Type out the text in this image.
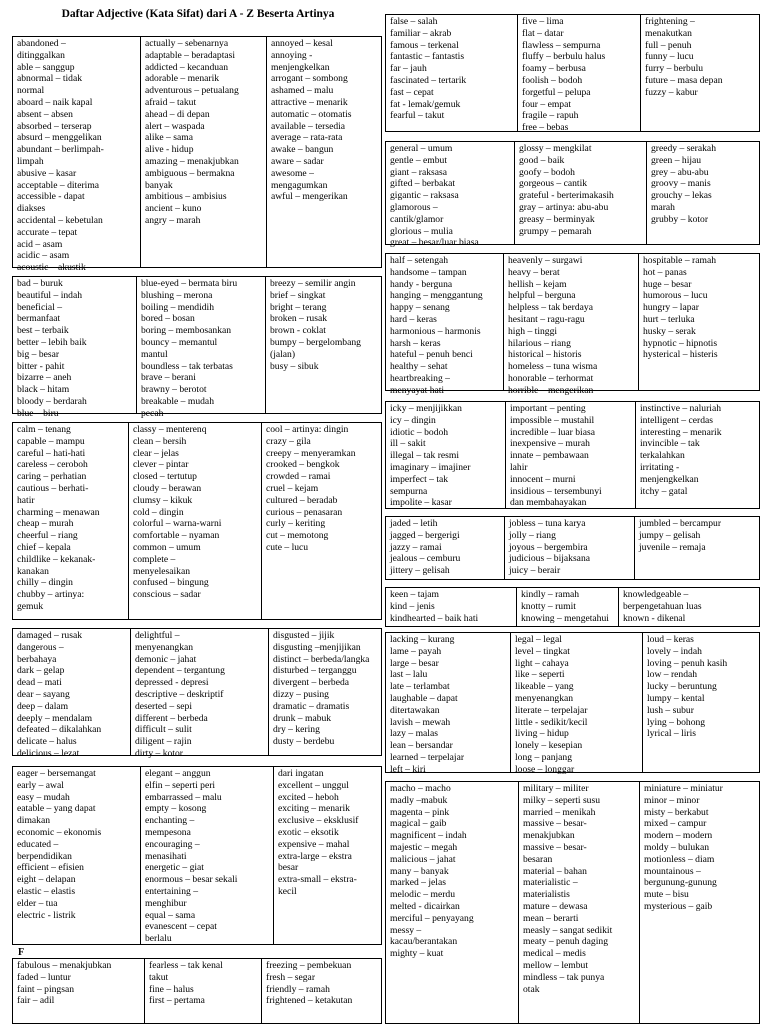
Daftar Adjective (Kata Sifat) dari A - Z Beserta Artinya
F
abandoned –
ditinggalkan
able – sanggup
abnormal – tidak
normal
aboard – naik kapal
absent – absen
absorbed – terserap
absurd – menggelikan
abundant – berlimpah-
limpah
abusive – kasar
acceptable – diterima
accessible - dapat
diakses
accidental – kebetulan
accurate – tepat
acid – asam
acidic – asam
acoustic – akustik
actually – sebenarnya
adaptable – beradaptasi
addicted – kecanduan
adorable – menarik
adventurous – petualang
afraid – takut
ahead – di depan
alert – waspada
alike – sama
alive - hidup
amazing – menakjubkan
ambiguous – bermakna
banyak
ambitious – ambisius
ancient – kuno
angry – marah
annoyed – kesal
annoying -
menjengkelkan
arrogant – sombong
ashamed – malu
attractive – menarik
automatic – otomatis
available – tersedia
average – rata-rata
awake – bangun
aware – sadar
awesome –
mengagumkan
awful – mengerikan
bad – buruk
beautiful – indah
beneficial –
bermanfaat
best – terbaik
better – lebih baik
big – besar
bitter - pahit
bizarre – aneh
black – hitam
bloody – berdarah
blue – biru
blue-eyed – bermata biru
blushing – merona
boiling – mendidih
bored – bosan
boring – membosankan
bouncy – memantul
mantul
boundless – tak terbatas
brave – berani
brawny – berotot
breakable – mudah
pecah
breezy – semilir angin
brief – singkat
bright – terang
broken – rusak
brown - coklat
bumpy – bergelombang
(jalan)
busy – sibuk
calm – tenang
capable – mampu
careful – hati-hati
careless – ceroboh
caring – perhatian
cautious – berhati-
hatir
charming – menawan
cheap – murah
cheerful – riang
chief – kepala
childlike – kekanak-
kanakan
chilly – dingin
chubby – artinya:
gemuk
classy – menterenq
clean – bersih
clear – jelas
clever – pintar
closed – tertutup
cloudy – berawan
clumsy – kikuk
cold – dingin
colorful – warna-warni
comfortable – nyaman
common – umum
complete –
menyelesaikan
confused – bingung
conscious – sadar
cool – artinya: dingin
crazy – gila
creepy – menyeramkan
crooked – bengkok
crowded – ramai
cruel – kejam
cultured – beradab
curious – penasaran
curly – keriting
cut – memotong
cute – lucu
damaged – rusak
dangerous –
berbahaya
dark – gelap
dead – mati
dear – sayang
deep – dalam
deeply – mendalam
defeated – dikalahkan
delicate – halus
delicious – lezat
delightful –
menyenangkan
demonic – jahat
dependent – tergantung
depressed - depresi
descriptive – deskriptif
deserted – sepi
different – berbeda
difficult – sulit
diligent – rajin
dirty – kotor
disgusted – jijik
disgusting –menjijikan
distinct – berbeda/langka
disturbed – terganggu
divergent – berbeda
dizzy – pusing
dramatic – dramatis
drunk – mabuk
dry – kering
dusty – berdebu
eager – bersemangat
early – awal
easy – mudah
eatable – yang dapat
dimakan
economic – ekonomis
educated –
berpendidikan
efficient – efisien
eight – delapan
elastic – elastis
elder – tua
electric - listrik
elegant – anggun
elfin – seperti peri
embarrassed – malu
empty – kosong
enchanting –
mempesona
encouraging –
menasihati
energetic – giat
enormous – besar sekali
entertaining –
menghibur
equal – sama
evanescent – cepat
berlalu
dari ingatan
excellent – unggul
excited – heboh
exciting – menarik
exclusive – eksklusif
exotic – eksotik
expensive – mahal
extra-large – ekstra
besar
extra-small – ekstra-
kecil
fabulous – menakjubkan
faded – luntur
faint – pingsan
fair – adil
fearless – tak kenal
takut
fine – halus
first – pertama
freezing – pembekuan
fresh – segar
friendly – ramah
frightened – ketakutan
false – salah
familiar – akrab
famous – terkenal
fantastic – fantastis
far – jauh
fascinated – tertarik
fast – cepat
fat - lemak/gemuk
fearful – takut
five – lima
flat – datar
flawless – sempurna
fluffy – berbulu halus
foamy – berbusa
foolish – bodoh
forgetful – pelupa
four – empat
fragile – rapuh
free – bebas
frightening –
menakutkan
full – penuh
funny – lucu
furry – berbulu
future – masa depan
fuzzy – kabur
general – umum
gentle – embut
giant – raksasa
gifted – berbakat
gigantic – raksasa
glamorous –
cantik/glamor
glorious – mulia
great – besar/luar biasa
glossy – mengkilat
good – baik
goofy – bodoh
gorgeous – cantik
grateful - berterimakasih
gray – artinya: abu-abu
greasy – berminyak
grumpy – pemarah
greedy – serakah
green – hijau
grey – abu-abu
groovy – manis
grouchy – lekas
marah
grubby – kotor
half – setengah
handsome – tampan
handy - berguna
hanging – menggantung
happy – senang
hard – keras
harmonious – harmonis
harsh – keras
hateful – penuh benci
healthy – sehat
heartbreaking –
menyayat hati
heavenly – surgawi
heavy – berat
hellish – kejam
helpful – berguna
helpless – tak berdaya
hesitant – ragu-ragu
high – tinggi
hilarious – riang
historical – historis
homeless – tuna wisma
honorable – terhormat
horrible – mengerikan
hospitable – ramah
hot – panas
huge – besar
humorous – lucu
hungry – lapar
hurt – terluka
husky – serak
hypnotic – hipnotis
hysterical – histeris
icky – menjijikkan
icy – dingin
idiotic – bodoh
ill – sakit
illegal – tak resmi
imaginary – imajiner
imperfect – tak
sempurna
impolite – kasar
important – penting
impossible – mustahil
incredible – luar biasa
inexpensive – murah
innate – pembawaan
lahir
innocent – murni
insidious – tersembunyi
dan membahayakan
instinctive – naluriah
intelligent – cerdas
interesting – menarik
invincible – tak
terkalahkan
irritating -
menjengkelkan
itchy – gatal
jaded – letih
jagged – bergerigi
jazzy – ramai
jealous – cemburu
jittery – gelisah
jobless – tuna karya
jolly – riang
joyous – bergembira
judicious – bijaksana
juicy – berair
jumbled – bercampur
jumpy – gelisah
juvenile – remaja
keen – tajam
kind – jenis
kindhearted – baik hati
kindly – ramah
knotty – rumit
knowing – mengetahui
knowledgeable –
berpengetahuan luas
known - dikenal
lacking – kurang
lame – payah
large – besar
last – lalu
late – terlambat
laughable – dapat
ditertawakan
lavish – mewah
lazy – malas
lean – bersandar
learned – terpelajar
left – kiri
legal – legal
level – tingkat
light – cahaya
like – seperti
likeable – yang
menyenangkan
literate – terpelajar
little - sedikit/kecil
living – hidup
lonely – kesepian
long – panjang
loose – longgar
loud – keras
lovely – indah
loving – penuh kasih
low – rendah
lucky – beruntung
lumpy – kental
lush – subur
lying – bohong
lyrical – liris
macho – macho
madly –mabuk
magenta – pink
magical – gaib
magnificent – indah
majestic – megah
malicious – jahat
many – banyak
marked – jelas
melodic – merdu
melted - dicairkan
merciful – penyayang
messy –
kacau/berantakan
mighty – kuat
military – militer
milky – seperti susu
married – menikah
massive – besar-
menakjubkan
massive – besar-
besaran
material – bahan
materialistic –
materialistis
mature – dewasa
mean – berarti
measly – sangat sedikit
meaty – penuh daging
medical – medis
mellow – lembut
mindless – tak punya
otak
miniature – miniatur
minor – minor
misty – berkabut
mixed – campur
modern – modern
moldy – bulukan
motionless – diam
mountainous –
bergunung-gunung
mute – bisu
mysterious – gaib
